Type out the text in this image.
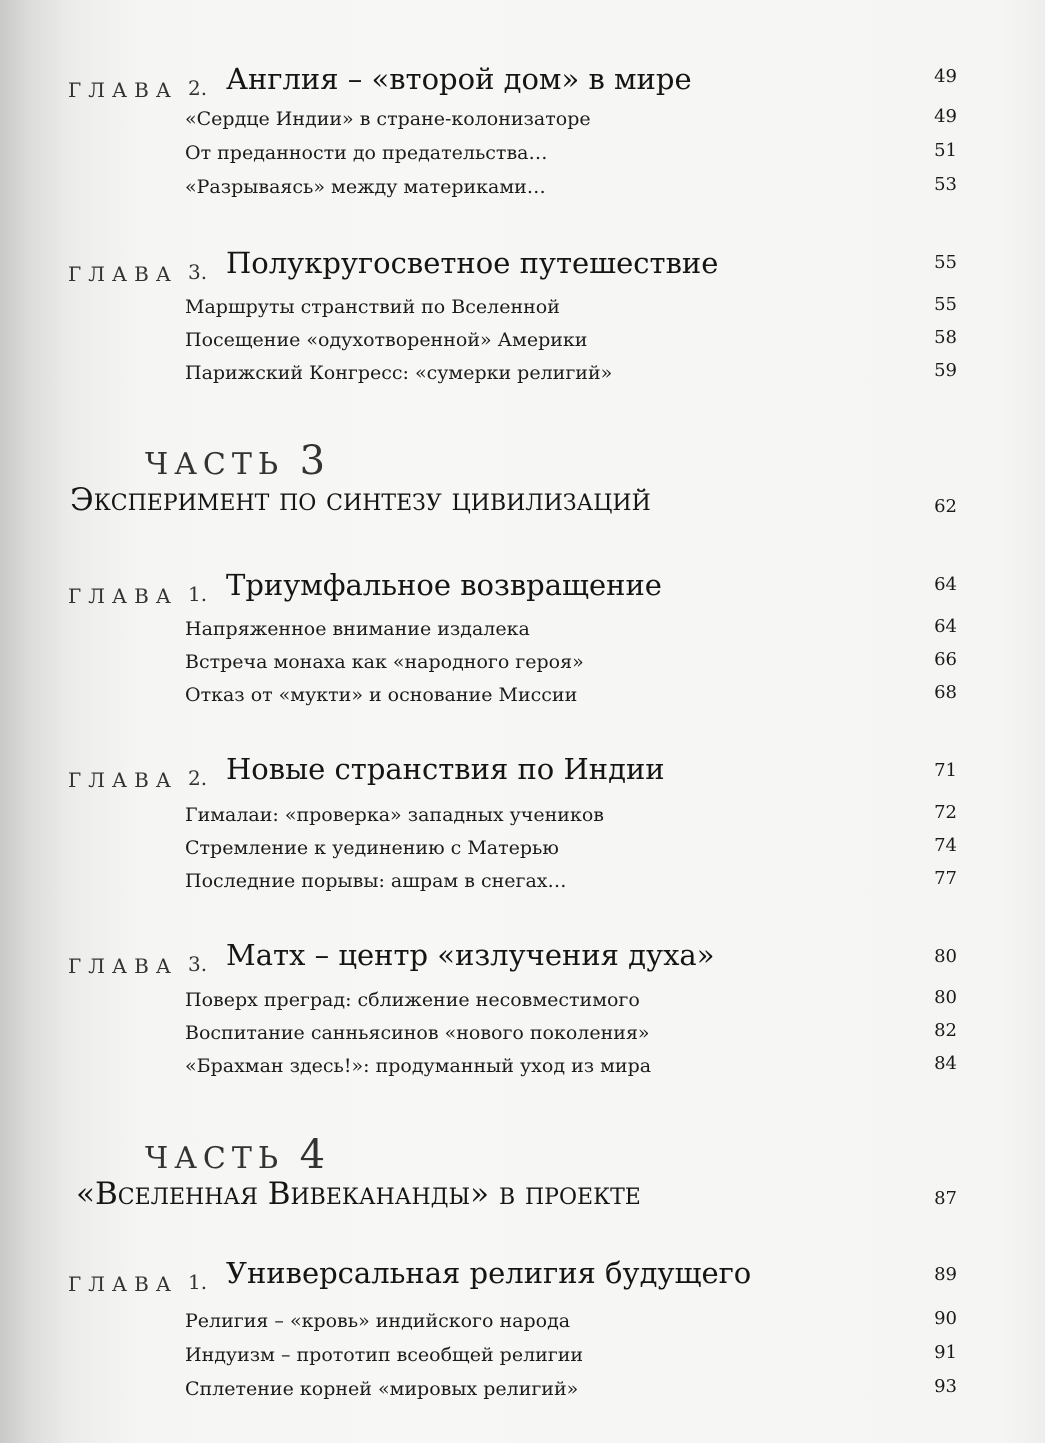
ГЛАВА 2. Англия – «второй дом» в мире	49
«Сердце Индии» в стране-колонизаторе	49
От преданности до предательства…	51
«Разрываясь» между материками…	53
ГЛАВА 3. Полукругосветное путешествие	55
Маршруты странствий по Вселенной	55
Посещение «одухотворенной» Америки	58
Парижский Конгресс: «сумерки религий»	59
ЧАСТЬ 3
Эксперимент по синтезу цивилизаций	62
ГЛАВА 1. Триумфальное возвращение	64
Напряженное внимание издалека	64
Встреча монаха как «народного героя»	66
Отказ от «мукти» и основание Миссии	68
ГЛАВА 2. Новые странствия по Индии	71
Гималаи: «проверка» западных учеников	72
Стремление к уединению с Матерью	74
Последние порывы: ашрам в снегах…	77
ГЛАВА 3. Матх – центр «излучения духа»	80
Поверх преград: сближение несовместимого	80
Воспитание санньясинов «нового поколения»	82
«Брахман здесь!»: продуманный уход из мира	84
ЧАСТЬ 4
«Вселенная Вивекананды» в проекте	87
ГЛАВА 1. Универсальная религия будущего	89
Религия – «кровь» индийского народа	90
Индуизм – прототип всеобщей религии	91
Сплетение корней «мировых религий»	93
